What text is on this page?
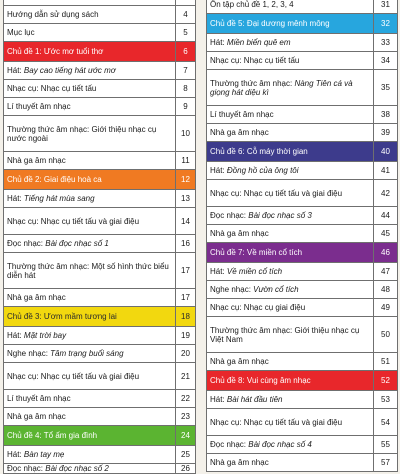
Hướng dẫn sử dụng sách	4
Mục lục	5
Chủ đề 1: Ước mơ tuổi thơ	6
Hát: Bay cao tiếng hát ước mơ	7
Nhạc cụ: Nhạc cụ tiết tấu	8
Lí thuyết âm nhạc	9
Thường thức âm nhạc: Giới thiệu nhạc cụ nước ngoài	10
Nhà ga âm nhạc	11
Chủ đề 2: Giai điệu hoà ca	12
Hát: Tiếng hát mùa sang	13
Nhạc cụ: Nhạc cụ tiết tấu và giai điệu	14
Đọc nhạc: Bài đọc nhạc số 1	16
Thường thức âm nhạc: Một số hình thức biểu diễn hát	17
Nhà ga âm nhạc	17
Chủ đề 3: Ươm mầm tương lai	18
Hát: Mặt trời bay	19
Nghe nhạc: Tâm trạng buổi sáng	20
Nhạc cụ: Nhạc cụ tiết tấu và giai điệu	21
Lí thuyết âm nhạc	22
Nhà ga âm nhạc	23
Chủ đề 4: Tổ ấm gia đình	24
Hát: Bàn tay mẹ	25
Đọc nhạc: Bài đọc nhạc số 2	26

Ôn tập chủ đề 1, 2, 3, 4	31
Chủ đề 5: Đại dương mênh mông	32
Hát: Miền biển quê em	33
Nhạc cụ: Nhạc cụ tiết tấu	34
Thường thức âm nhạc: Nàng Tiên cá và giọng hát diệu kì	35
Lí thuyết âm nhạc	38
Nhà ga âm nhạc	39
Chủ đề 6: Cỗ máy thời gian	40
Hát: Đồng hồ của ông tôi	41
Nhạc cụ: Nhạc cụ tiết tấu và giai điệu	42
Đọc nhạc: Bài đọc nhạc số 3	44
Nhà ga âm nhạc	45
Chủ đề 7: Về miền cổ tích	46
Hát: Về miền cổ tích	47
Nghe nhạc: Vườn cổ tích	48
Nhạc cụ: Nhạc cụ giai điệu	49
Thường thức âm nhạc: Giới thiệu nhạc cụ Việt Nam	50
Nhà ga âm nhạc	51
Chủ đề 8: Vui cùng âm nhạc	52
Hát: Bài hát đầu tiên	53
Nhạc cụ: Nhạc cụ tiết tấu và giai điệu	54
Đọc nhạc: Bài đọc nhạc số 4	55
Nhà ga âm nhạc	57
